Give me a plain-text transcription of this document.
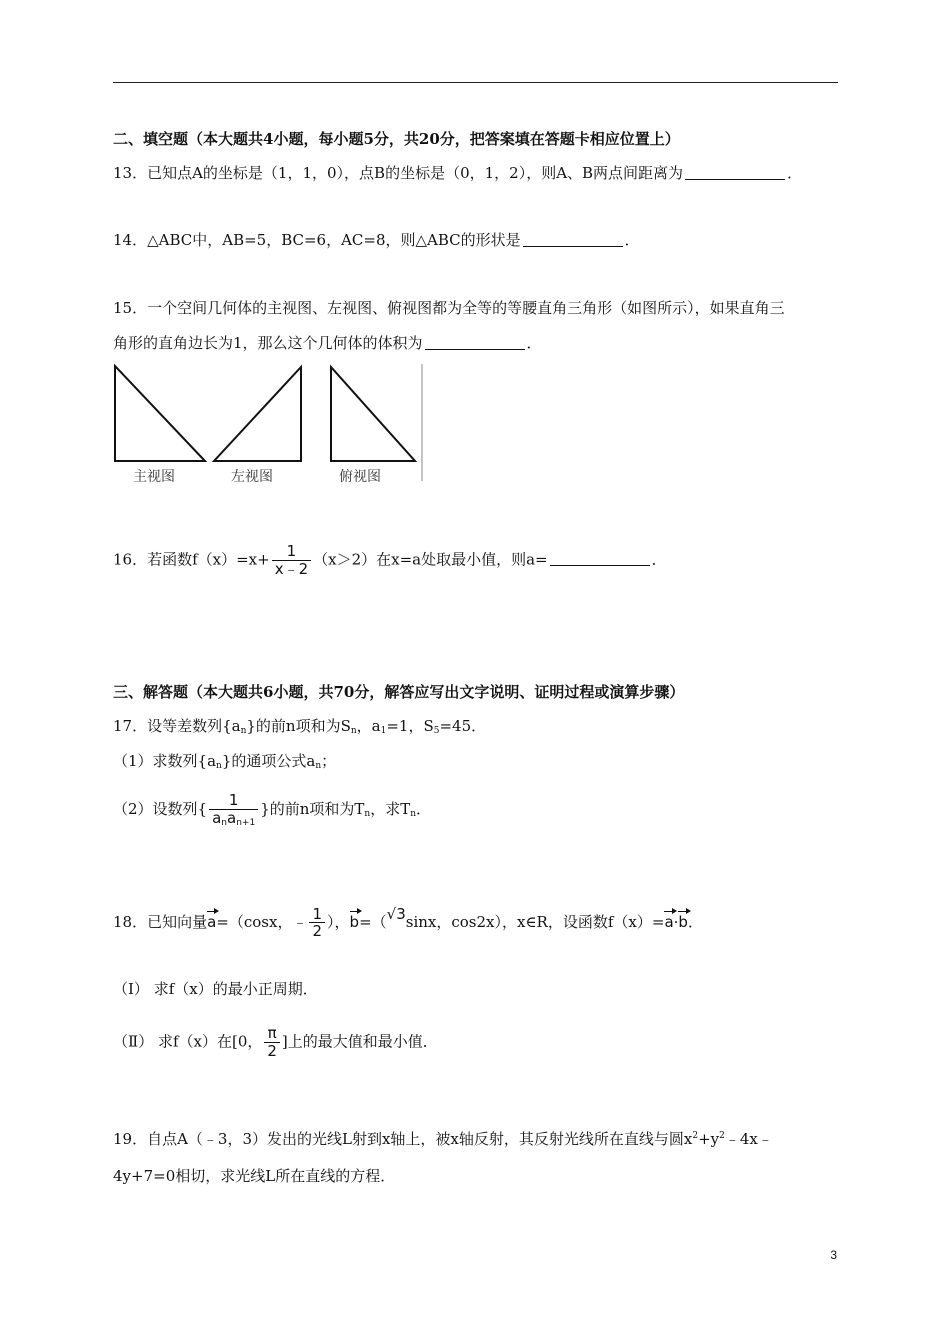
二、填空题（本大题共4小题，每小题5分，共20分，把答案填在答题卡相应位置上）
13．已知点A的坐标是（1，1，0），点B的坐标是（0，1，2），则A、B两点间距离为	．
14．△ABC中，AB=5，BC=6，AC=8，则△ABC的形状是	．
15．一个空间几何体的主视图、左视图、俯视图都为全等的等腰直角三角形（如图所示），如果直角三
角形的直角边长为1，那么这个几何体的体积为	．
主视图	左视图	俯视图
16．若函数$f(x)=x+ \frac{1}{x﹣2} (x>2)$在x=a处取最小值，则a=	．
三、解答题（本大题共6小题，共70分，解答应写出文字说明、证明过程或演算步骤）
17．设等差数列$\{a_n\}$的前n项和为$S_n$，$a_1=1$，$S_5=45$．
（1）求数列$\{a_n\}$的通项公式$a_n$；
（2）设数列{ $\frac{1}{a_na_{n+1}}$ }的前n项和为$T_n$，求$T_n$．
18．已知向量a=（cosx，﹣ $\frac{1}{2}$ ），b=（√3sinx，cos2x），x∈R，设函数f（x）=a·b．
（Ⅰ） 求f（x）的最小正周期．
（Ⅱ） 求f（x）在[0， $\frac{\pi}{2}$ ]上的最大值和最小值．
19．自点A（﹣3，3）发出的光线L射到x轴上，被x轴反射，其反射光线所在直线与圆$x^2+y^2﹣4x﹣$
4y+7=0相切，求光线L所在直线的方程．
3
